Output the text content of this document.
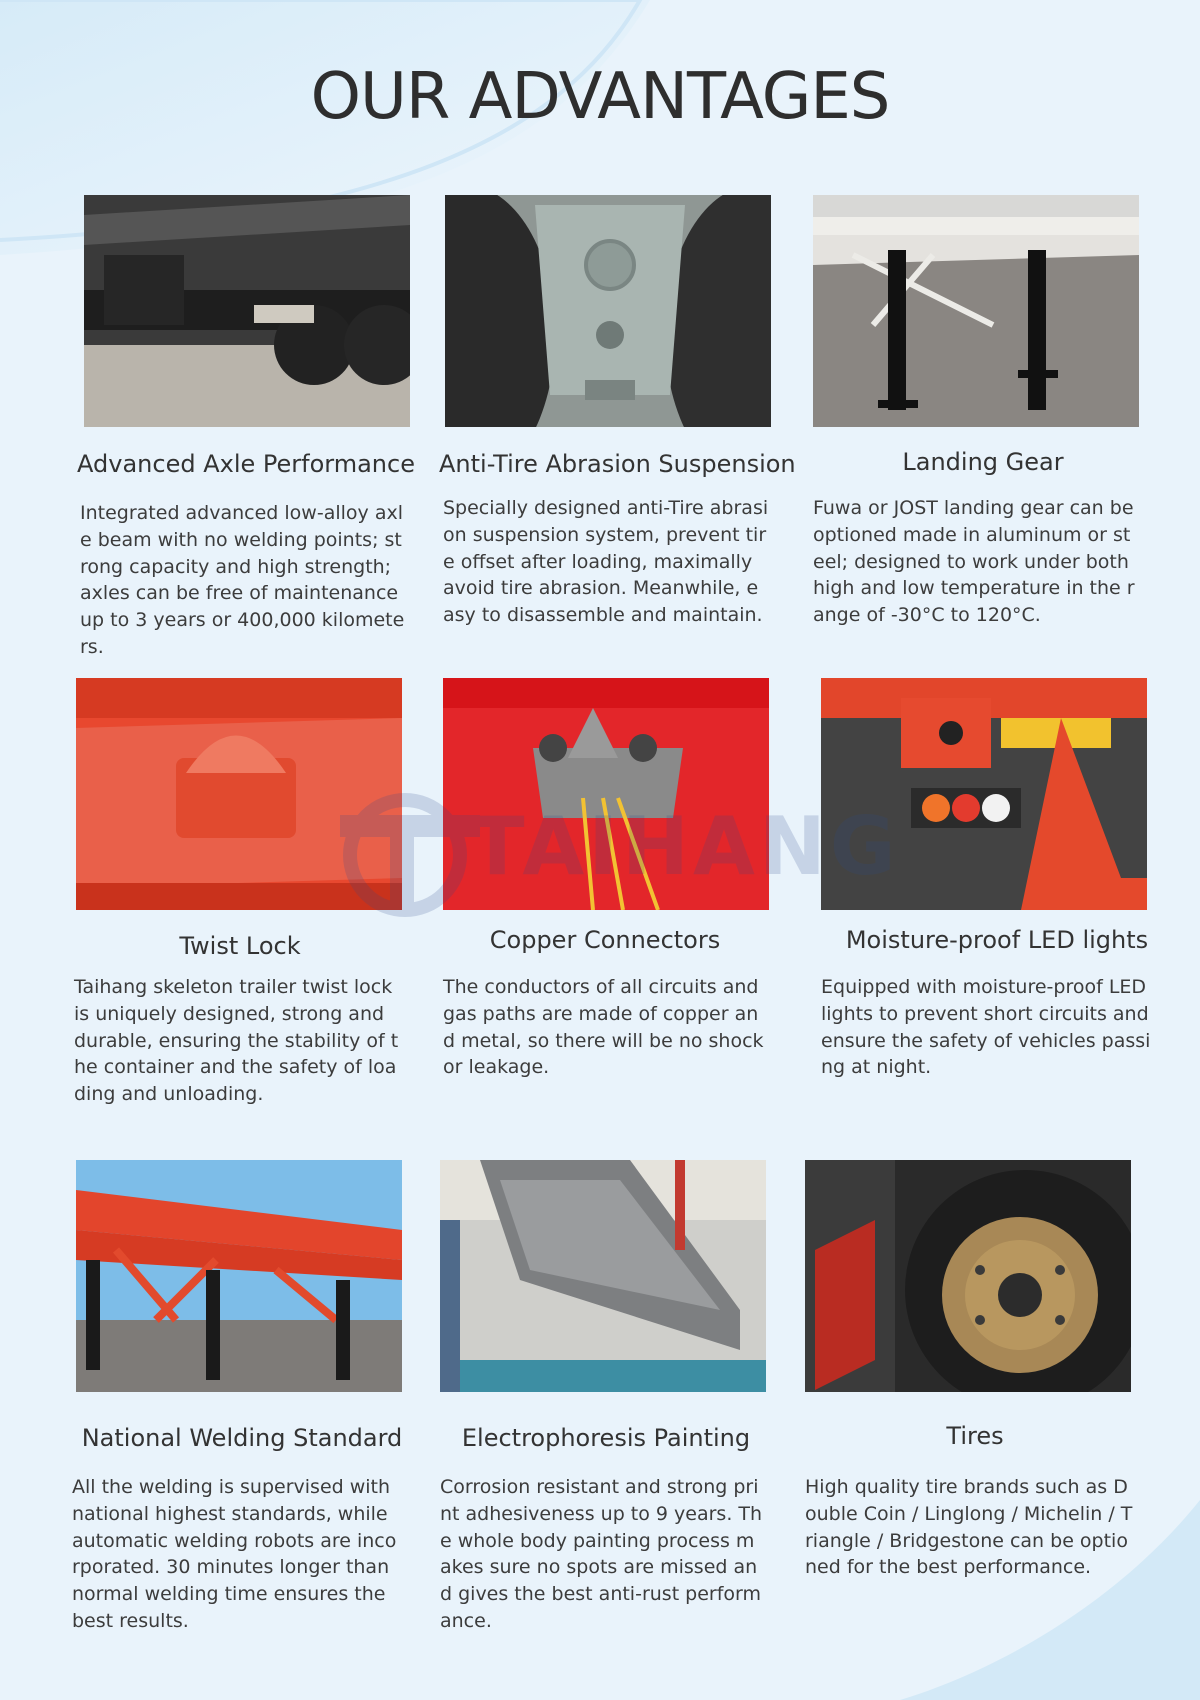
OUR ADVANTAGES

Advanced Axle Performance

Integrated advanced low-alloy axle beam with no welding points; strong capacity and high strength; axles can be free of maintenance up to 3 years or 400,000 kilometers.

Anti-Tire Abrasion Suspension

Specially designed anti-Tire abrasion suspension system, prevent tire offset after loading, maximally avoid tire abrasion. Meanwhile, easy to disassemble and maintain.

Landing Gear

Fuwa or JOST landing gear can be optioned made in aluminum or steel; designed to work under both high and low temperature in the range of -30°C to 120°C.

Twist Lock

Taihang skeleton trailer twist lock is uniquely designed, strong and durable, ensuring the stability of the container and the safety of loading and unloading.

Copper Connectors

The conductors of all circuits and gas paths are made of copper and metal, so there will be no shock or leakage.

Moisture-proof LED lights

Equipped with moisture-proof LED lights to prevent short circuits and ensure the safety of vehicles passing at night.

National Welding Standard

All the welding is supervised with national highest standards, while automatic welding robots are incorporated. 30 minutes longer than normal welding time ensures the best results.

Electrophoresis Painting

Corrosion resistant and strong print adhesiveness up to 9 years. The whole body painting process makes sure no spots are missed and gives the best anti-rust performance.

Tires

High quality tire brands such as Double Coin / Linglong / Michelin / Triangle / Bridgestone can be optioned for the best performance.
